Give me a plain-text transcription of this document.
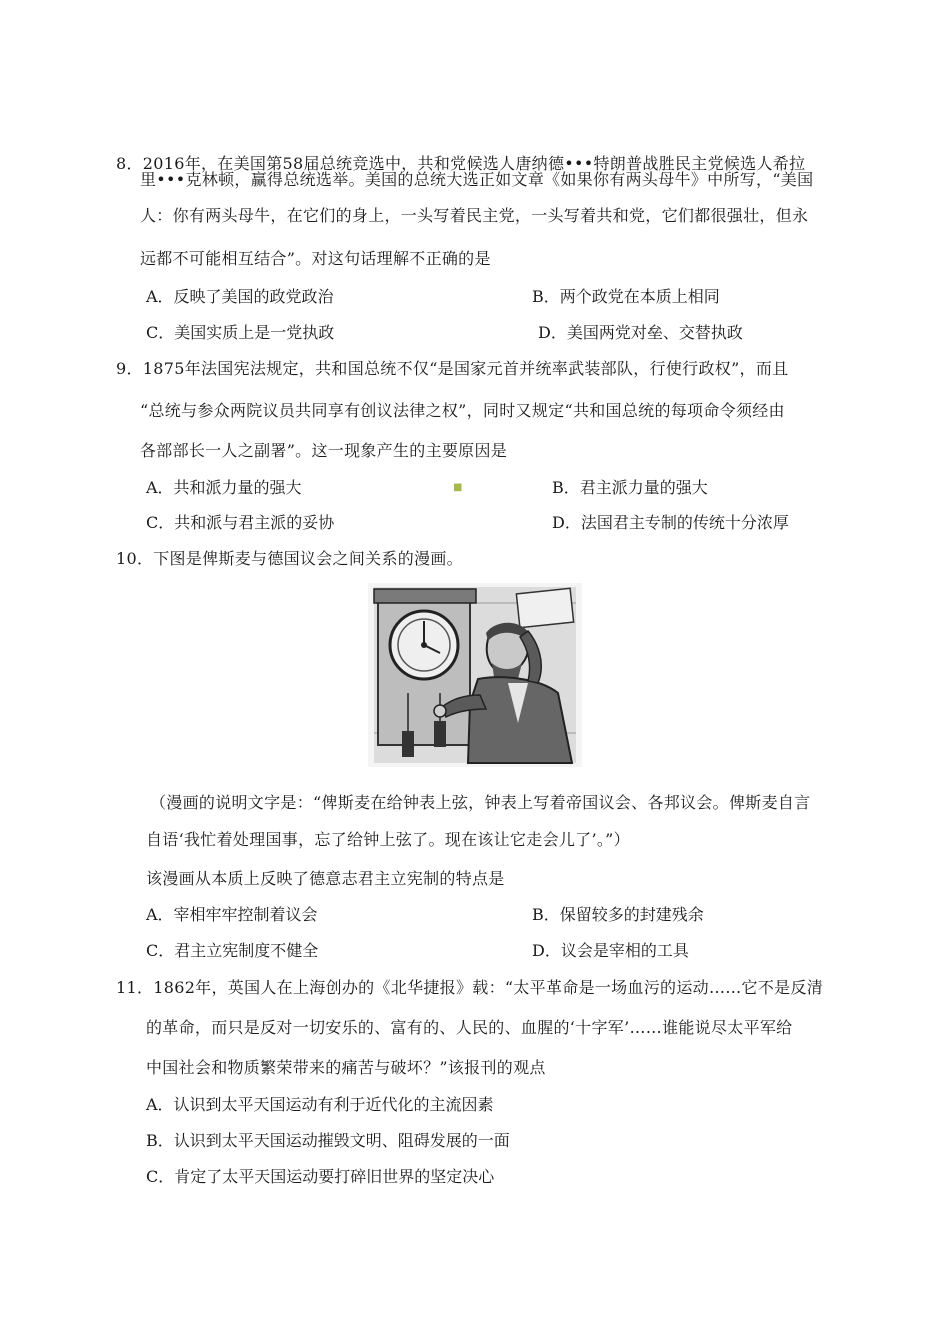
8．2016年，在美国第58届总统竞选中，共和党候选人唐纳德•••特朗普战胜民主党候选人希拉
里•••克林顿，赢得总统选举。美国的总统大选正如文章《如果你有两头母牛》中所写，“美国
人：你有两头母牛，在它们的身上，一头写着民主党，一头写着共和党，它们都很强壮，但永
远都不可能相互结合”。对这句话理解不正确的是
A．反映了美国的政党政治	B．两个政党在本质上相同
C．美国实质上是一党执政	D．美国两党对垒、交替执政
9．1875年法国宪法规定，共和国总统不仅“是国家元首并统率武装部队，行使行政权”，而且
“总统与参众两院议员共同享有创议法律之权”，同时又规定“共和国总统的每项命令须经由
各部部长一人之副署”。这一现象产生的主要原因是
A．共和派力量的强大	■	B．君主派力量的强大
C．共和派与君主派的妥协	D．法国君主专制的传统十分浓厚
10．下图是俾斯麦与德国议会之间关系的漫画。
（漫画的说明文字是：“俾斯麦在给钟表上弦，钟表上写着帝国议会、各邦议会。俾斯麦自言
自语‘我忙着处理国事，忘了给钟上弦了。现在该让它走会儿了’。”）
该漫画从本质上反映了德意志君主立宪制的特点是
A．宰相牢牢控制着议会	B．保留较多的封建残余
C．君主立宪制度不健全	D．议会是宰相的工具
11．1862年，英国人在上海创办的《北华捷报》载：“太平革命是一场血污的运动……它不是反清
的革命，而只是反对一切安乐的、富有的、人民的、血腥的‘十字军’……谁能说尽太平军给
中国社会和物质繁荣带来的痛苦与破坏？”该报刊的观点
A．认识到太平天国运动有利于近代化的主流因素
B．认识到太平天国运动摧毁文明、阻碍发展的一面
C．肯定了太平天国运动要打碎旧世界的坚定决心
